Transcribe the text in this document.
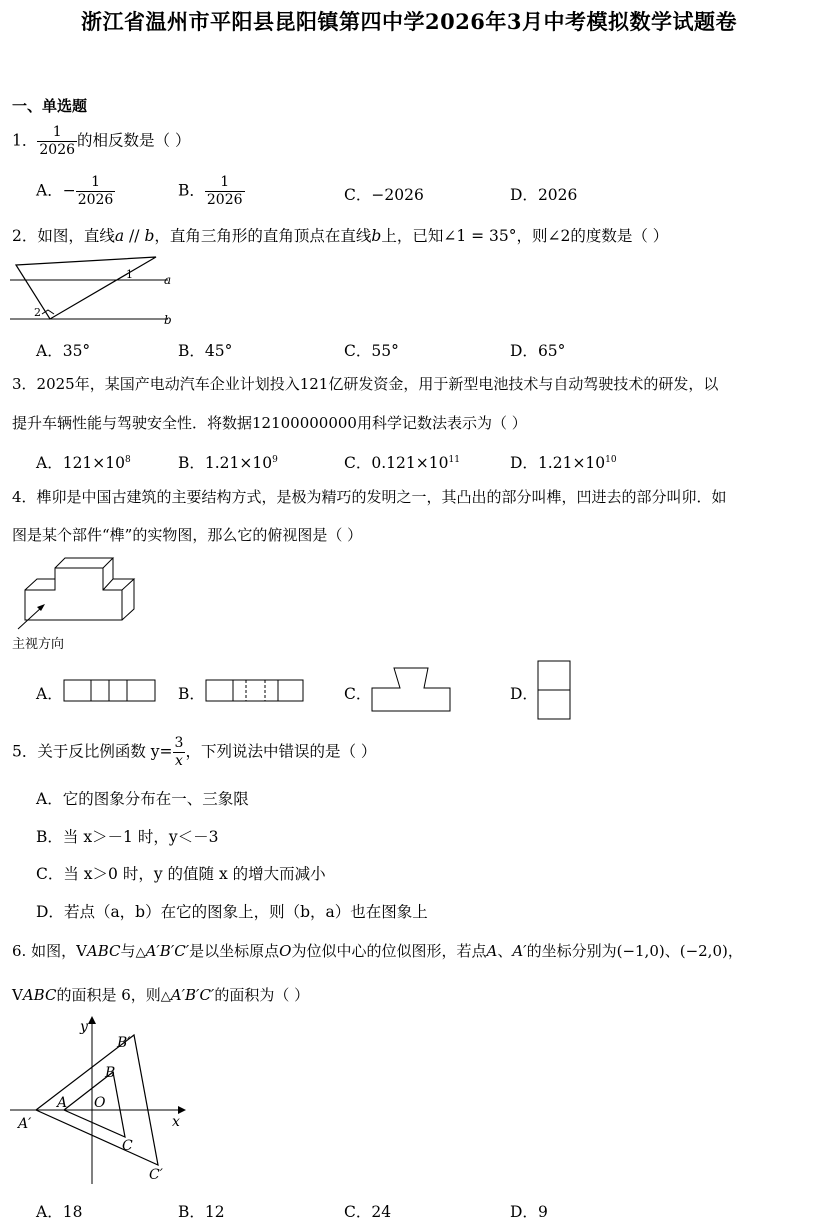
浙江省温州市平阳县昆阳镇第四中学2026年3月中考模拟数学试题卷
一、单选题
1． $\frac{1}{2026}$ 的相反数是（ ）
A．− $\frac{1}{2026}$	B． $\frac{1}{2026}$	C．−2026	D．2026
2．如图，直线a // b，直角三角形的直角顶点在直线b上，已知∠1 = 35°，则∠2的度数是（ ）
1
2
a
b
A．35°	B．45°	C．55°	D．65°
3．2025年，某国产电动汽车企业计划投入121亿研发资金，用于新型电池技术与自动驾驶技术的研发，以
提升车辆性能与驾驶安全性．将数据12100000000用科学记数法表示为（ ）
A．$121\times 10^8$	B．$1.21\times 10^9$	C．$0.121\times 10^{11}$	D．$1.21\times 10^{10}$
4．榫卯是中国古建筑的主要结构方式，是极为精巧的发明之一，其凸出的部分叫榫，凹进去的部分叫卯．如
图是某个部件“榫”的实物图，那么它的俯视图是（ ）
主视方向
A．	B．	C．	D．
5．关于反比例函数 $y= \frac{3}{x}$ ，下列说法中错误的是（ ）
A．它的图象分布在一、三象限
B．当 x＞－1 时，y＜－3
C．当 x＞0 时，y 的值随 x 的增大而减小
D．若点（a，b）在它的图象上，则（b，a）也在图象上
6. 如图，VABC与△A′B′C′是以坐标原点O为位似中心的位似图形，若点A、A′的坐标分别为(−1,0)、(−2,0)，
VABC的面积是 6，则△A′B′C′的面积为（ ）
y
x
O
A
A′
B
B′
C
C′
A．18	B．12	C．24	D．9
